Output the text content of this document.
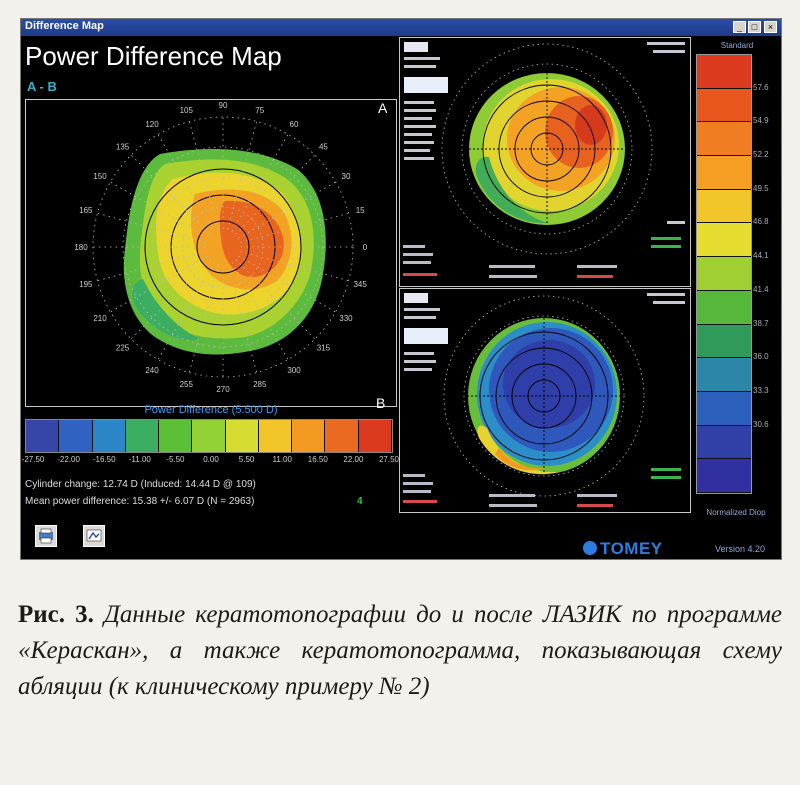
Difference Map	_	□	×
Power Difference Map
A - B
A
0
15
30
45
60
75
90
105
120
135
150
165
180
195
210
225
240
255
270
285
300
315
330
345
B
Power Difference (5.500 D)
-27.50 -22.00 -16.50 -11.00 -5.50 0.00	5.50 11.00 16.50 22.00 27.50
Cylinder change: 12.74 D (Induced: 14.44 D @ 109)
Mean power difference: 15.38 +/- 6.07 D (N = 2963)	4
Standard
57.6
54.9
52.2
49.5
46.8
44.1
41.4
38.7
36.0
33.3
30.6
Normalized Diop
TOMEY	Version 4.20
Рис. 3. Данные кератотопографии до и после ЛАЗИК по программе «Кераскан», а также кератотопограмма, показывающая схему абляции (к клиническому примеру № 2)
